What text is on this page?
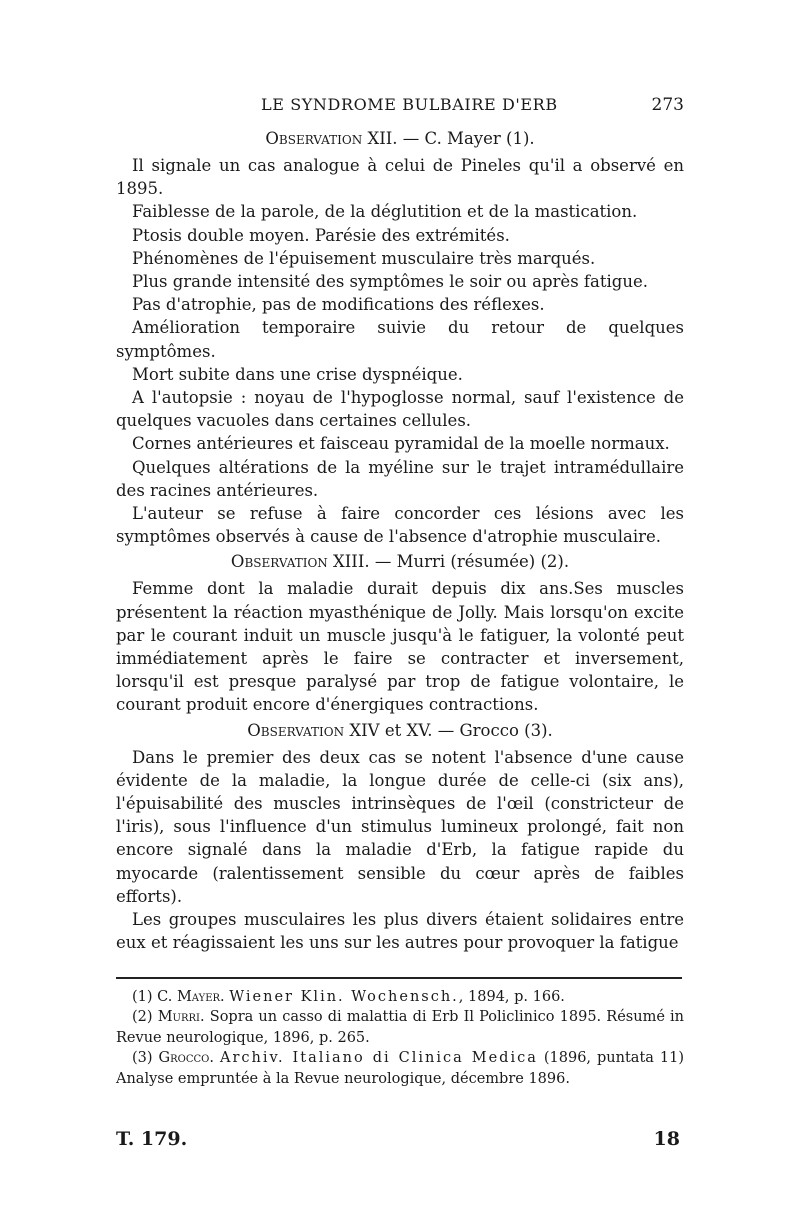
LE SYNDROME BULBAIRE D'ERB	273
Observation XII. — C. Mayer (1).

Il signale un cas analogue à celui de Pineles qu'il a observé en 1895.

Faiblesse de la parole, de la déglutition et de la mastication.

Ptosis double moyen. Parésie des extrémités.

Phénomènes de l'épuisement musculaire très marqués.

Plus grande intensité des symptômes le soir ou après fatigue.

Pas d'atrophie, pas de modifications des réflexes.

Amélioration temporaire suivie du retour de quelques symptômes.

Mort subite dans une crise dyspnéique.

A l'autopsie : noyau de l'hypoglosse normal, sauf l'existence de quelques vacuoles dans certaines cellules.

Cornes antérieures et faisceau pyramidal de la moelle normaux.

Quelques altérations de la myéline sur le trajet intramédullaire des racines antérieures.

L'auteur se refuse à faire concorder ces lésions avec les symptômes observés à cause de l'absence d'atrophie musculaire.

Observation XIII. — Murri (résumée) (2).

Femme dont la maladie durait depuis dix ans.Ses muscles présentent la réaction myasthénique de Jolly. Mais lorsqu'on excite par le courant induit un muscle jusqu'à le fatiguer, la volonté peut immédiatement après le faire se contracter et inversement, lorsqu'il est presque paralysé par trop de fatigue volontaire, le courant produit encore d'énergiques contractions.

Observation XIV et XV. — Grocco (3).

Dans le premier des deux cas se notent l'absence d'une cause évidente de la maladie, la longue durée de celle-ci (six ans), l'épuisabilité des muscles intrinsèques de l'œil (constricteur de l'iris), sous l'influence d'un stimulus lumineux prolongé, fait non encore signalé dans la maladie d'Erb, la fatigue rapide du myocarde (ralentissement sensible du cœur après de faibles efforts).

Les groupes musculaires les plus divers étaient solidaires entre eux et réagissaient les uns sur les autres pour provoquer la fatigue

(1) C. Mayer. Wiener Klin. Wochensch., 1894, p. 166.

(2) Murri. Sopra un casso di malattia di Erb Il Policlinico 1895. Résumé in Revue neurologique, 1896, p. 265.

(3) Grocco. Archiv. Italiano di Clinica Medica (1896, puntata 11) Analyse empruntée à la Revue neurologique, décembre 1896.

T. 179.	18
